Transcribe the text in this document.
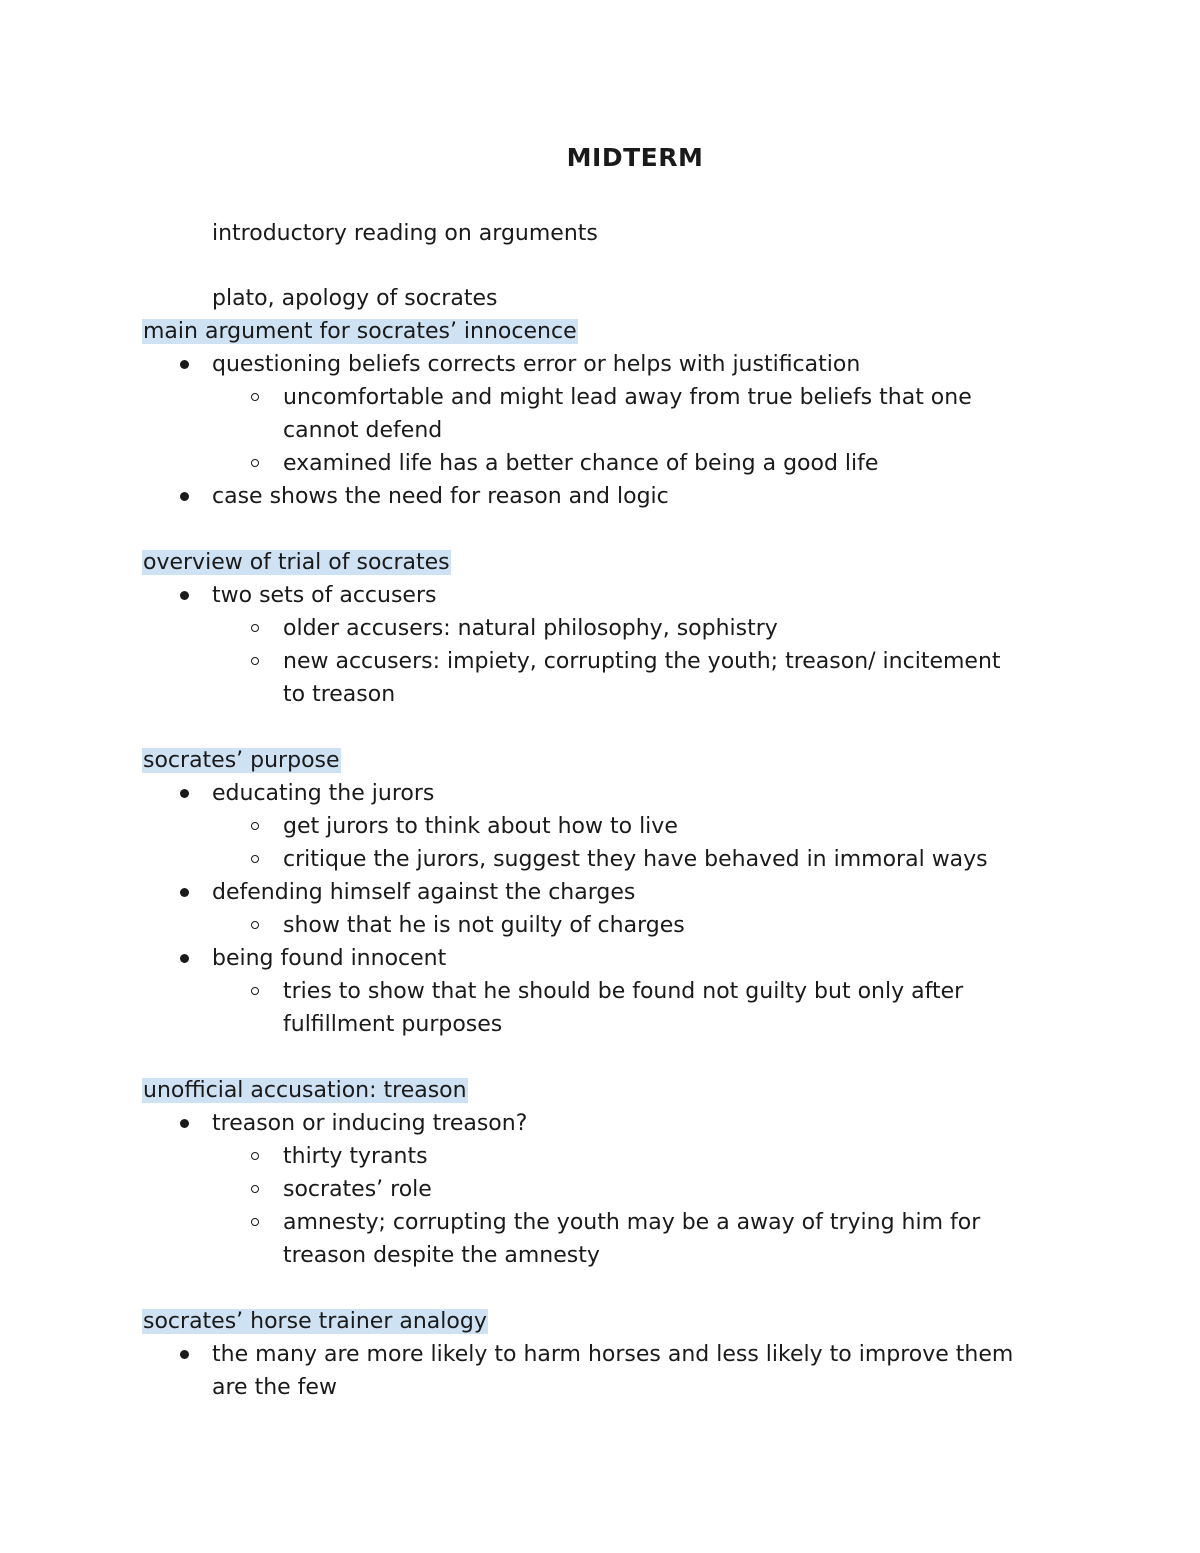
MIDTERM
introductory reading on arguments
plato, apology of socrates
main argument for socrates’ innocence
questioning beliefs corrects error or helps with justification
uncomfortable and might lead away from true beliefs that one
cannot defend
examined life has a better chance of being a good life
case shows the need for reason and logic
overview of trial of socrates
two sets of accusers
older accusers: natural philosophy, sophistry
new accusers: impiety, corrupting the youth; treason/ incitement
to treason
socrates’ purpose
educating the jurors
get jurors to think about how to live
critique the jurors, suggest they have behaved in immoral ways
defending himself against the charges
show that he is not guilty of charges
being found innocent
tries to show that he should be found not guilty but only after
fulfillment purposes
unofficial accusation: treason
treason or inducing treason?
thirty tyrants
socrates’ role
amnesty; corrupting the youth may be a away of trying him for
treason despite the amnesty
socrates’ horse trainer analogy
the many are more likely to harm horses and less likely to improve them
are the few
